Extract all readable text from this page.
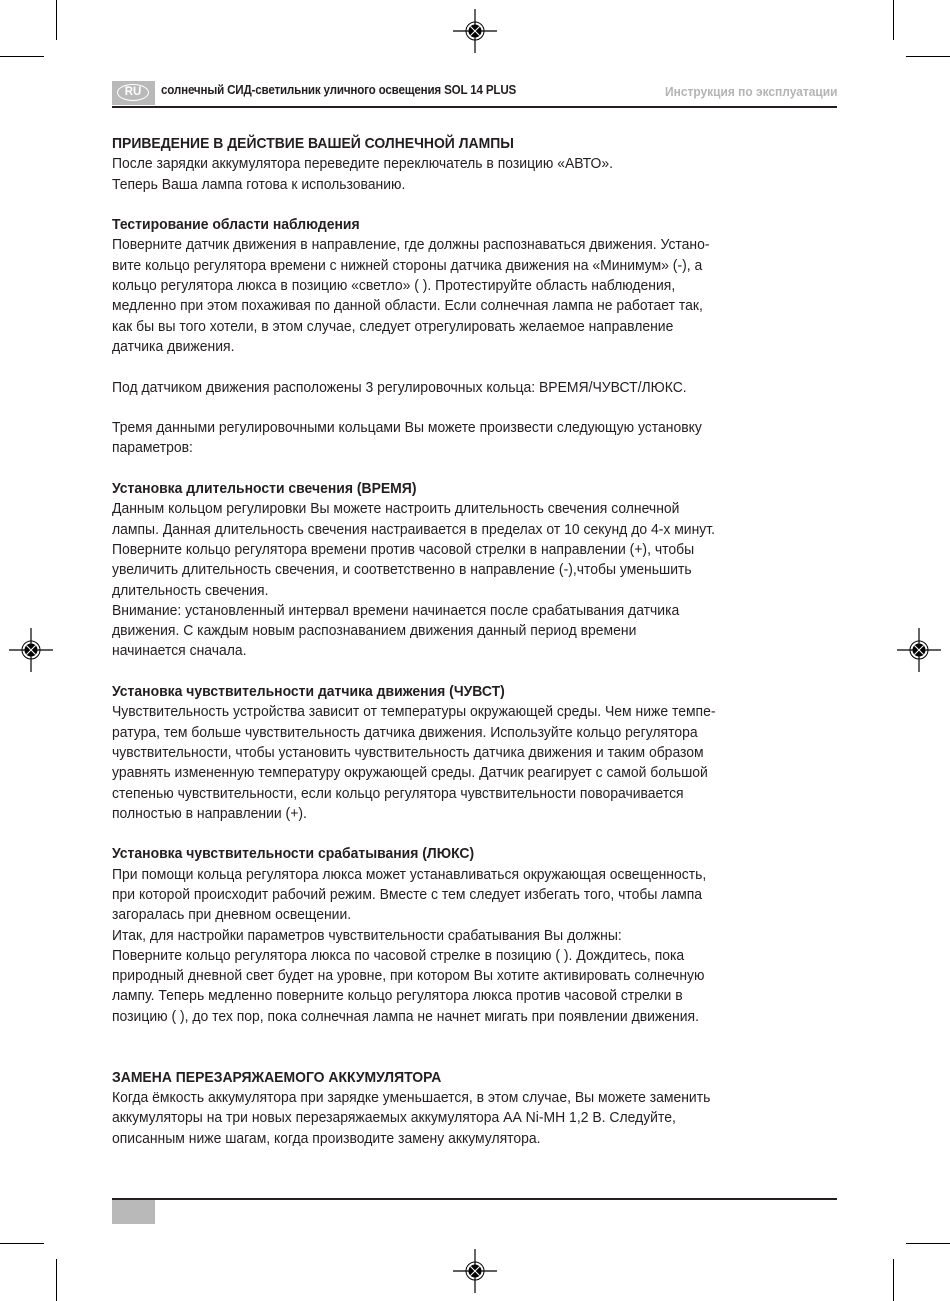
RU	солнечный СИД-светильник уличного освещения SOL 14 PLUS	Инструкция по эксплуатации

ПРИВЕДЕНИЕ В ДЕЙСТВИЕ ВАШЕЙ СОЛНЕЧНОЙ ЛАМПЫ

После зарядки аккумулятора переведите переключатель в позицию «АВТО».

Теперь Ваша лампа готова к использованию.

Тестирование области наблюдения

Поверните датчик движения в направление, где должны распознаваться движения. Устано-

вите кольцо регулятора времени с нижней стороны датчика движения на «Минимум» (-), а

кольцо регулятора люкса в позицию «светло» ( ). Протестируйте область наблюдения,

медленно при этом похаживая по данной области. Если солнечная лампа не работает так,

как бы вы того хотели, в этом случае, следует отрегулировать желаемое направление

датчика движения.

Под датчиком движения расположены 3 регулировочных кольца: ВРЕМЯ/ЧУВСТ/ЛЮКС.

Тремя данными регулировочными кольцами Вы можете произвести следующую установку

параметров:

Установка длительности свечения (ВРЕМЯ)

Данным кольцом регулировки Вы можете настроить длительность свечения солнечной

лампы. Данная длительность свечения настраивается в пределах от 10 секунд до 4-х минут.

Поверните кольцо регулятора времени против часовой стрелки в направлении (+), чтобы

увеличить длительность свечения, и соответственно в направление (-),чтобы уменьшить

длительность свечения.

Внимание: установленный интервал времени начинается после срабатывания датчика

движения. С каждым новым распознаванием движения данный период времени

начинается сначала.

Установка чувствительности датчика движения (ЧУВСТ)

Чувствительность устройства зависит от температуры окружающей среды. Чем ниже темпе-

ратура, тем больше чувствительность датчика движения. Используйте кольцо регулятора

чувствительности, чтобы установить чувствительность датчика движения и таким образом

уравнять измененную температуру окружающей среды. Датчик реагирует с самой большой

степенью чувствительности, если кольцо регулятора чувствительности поворачивается

полностью в направлении (+).

Установка чувствительности срабатывания (ЛЮКС)

При помощи кольца регулятора люкса может устанавливаться окружающая освещенность,

при которой происходит рабочий режим. Вместе с тем следует избегать того, чтобы лампа

загоралась при дневном освещении.

Итак, для настройки параметров чувствительности срабатывания Вы должны:

Поверните кольцо регулятора люкса по часовой стрелке в позицию ( ). Дождитесь, пока

природный дневной свет будет на уровне, при котором Вы хотите активировать солнечную

лампу. Теперь медленно поверните кольцо регулятора люкса против часовой стрелки в

позицию ( ), до тех пор, пока солнечная лампа не начнет мигать при появлении движения.

ЗАМЕНА ПЕРЕЗАРЯЖАЕМОГО АККУМУЛЯТОРА

Когда ёмкость аккумулятора при зарядке уменьшается, в этом случае, Вы можете заменить

аккумуляторы на три новых перезаряжаемых аккумулятора АА Ni-MH 1,2 В. Следуйте,

описанным ниже шагам, когда производите замену аккумулятора.
